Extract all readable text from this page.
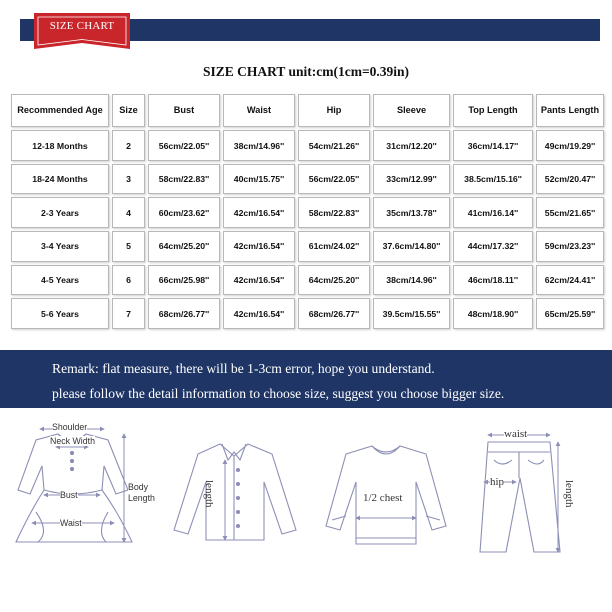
SIZE CHART
SIZE CHART unit:cm(1cm=0.39in)
Recommended Age	Size	Bust	Waist	Hip	Sleeve	Top Length	Pants Length
12-18 Months	2	56cm/22.05''	38cm/14.96''	54cm/21.26''	31cm/12.20''	36cm/14.17''	49cm/19.29''
18-24 Months	3	58cm/22.83''	40cm/15.75''	56cm/22.05''	33cm/12.99''	38.5cm/15.16''	52cm/20.47''
2-3 Years	4	60cm/23.62''	42cm/16.54''	58cm/22.83''	35cm/13.78''	41cm/16.14''	55cm/21.65''
3-4 Years	5	64cm/25.20''	42cm/16.54''	61cm/24.02''	37.6cm/14.80''	44cm/17.32''	59cm/23.23''
4-5 Years	6	66cm/25.98''	42cm/16.54''	64cm/25.20''	38cm/14.96''	46cm/18.11''	62cm/24.41''
5-6 Years	7	68cm/26.77''	42cm/16.54''	68cm/26.77''	39.5cm/15.55''	48cm/18.90''	65cm/25.59''
Remark: flat measure, there will be 1-3cm error, hope you understand.
please follow the detail information to choose size, suggest you choose bigger size.
Shoulder
Neck Width
Bust
Body
Length
Waist
length	1/2 chest
waist
hip	length
